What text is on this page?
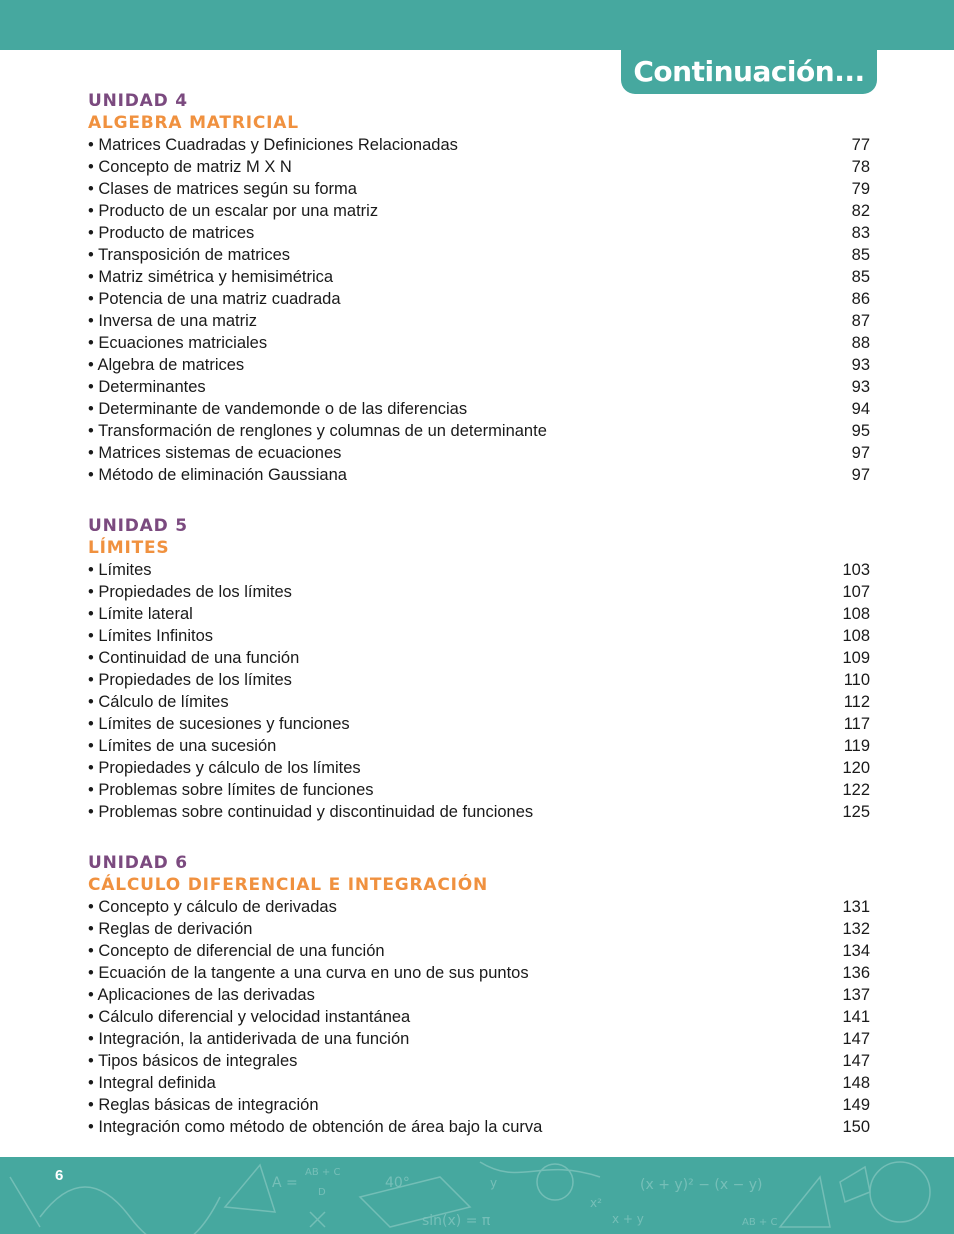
Continuación...
UNIDAD 4
ALGEBRA MATRICIAL
• Matrices Cuadradas y Definiciones Relacionadas	77
• Concepto de matriz M X N	78
• Clases de matrices según su forma	79
• Producto de un escalar por una matriz	82
• Producto de matrices	83
• Transposición de matrices	85
• Matriz simétrica y hemisimétrica	85
• Potencia de una matriz cuadrada	86
• Inversa de una matriz	87
• Ecuaciones matriciales	88
• Algebra de matrices	93
• Determinantes	93
• Determinante de vandemonde o de las diferencias	94
• Transformación de renglones y columnas de un determinante	95
• Matrices sistemas de ecuaciones	97
• Método de eliminación Gaussiana	97
UNIDAD 5
LÍMITES
• Límites	103
• Propiedades de los límites	107
• Límite lateral	108
• Límites Infinitos	108
• Continuidad de una función	109
• Propiedades de los límites	110
• Cálculo de límites	112
• Límites de sucesiones y funciones	117
• Límites de una sucesión	119
• Propiedades y cálculo de los límites	120
• Problemas sobre límites de funciones	122
• Problemas sobre continuidad y discontinuidad de funciones	125
UNIDAD 6
CÁLCULO DIFERENCIAL E INTEGRACIÓN
• Concepto y cálculo de derivadas	131
• Reglas de derivación	132
• Concepto de diferencial de una función	134
• Ecuación de la tangente a una curva en uno de sus puntos	136
• Aplicaciones de las derivadas	137
• Cálculo diferencial y velocidad instantánea	141
• Integración, la antiderivada de una función	147
• Tipos básicos de integrales	147
• Integral definida	148
• Reglas básicas de integración	149
• Integración como método de obtención de área bajo la curva	150
A =
AB + C
D
40°
sin(x) = π
(x + y)² − (x − y)
x + y	AB + C
x²
y
6
